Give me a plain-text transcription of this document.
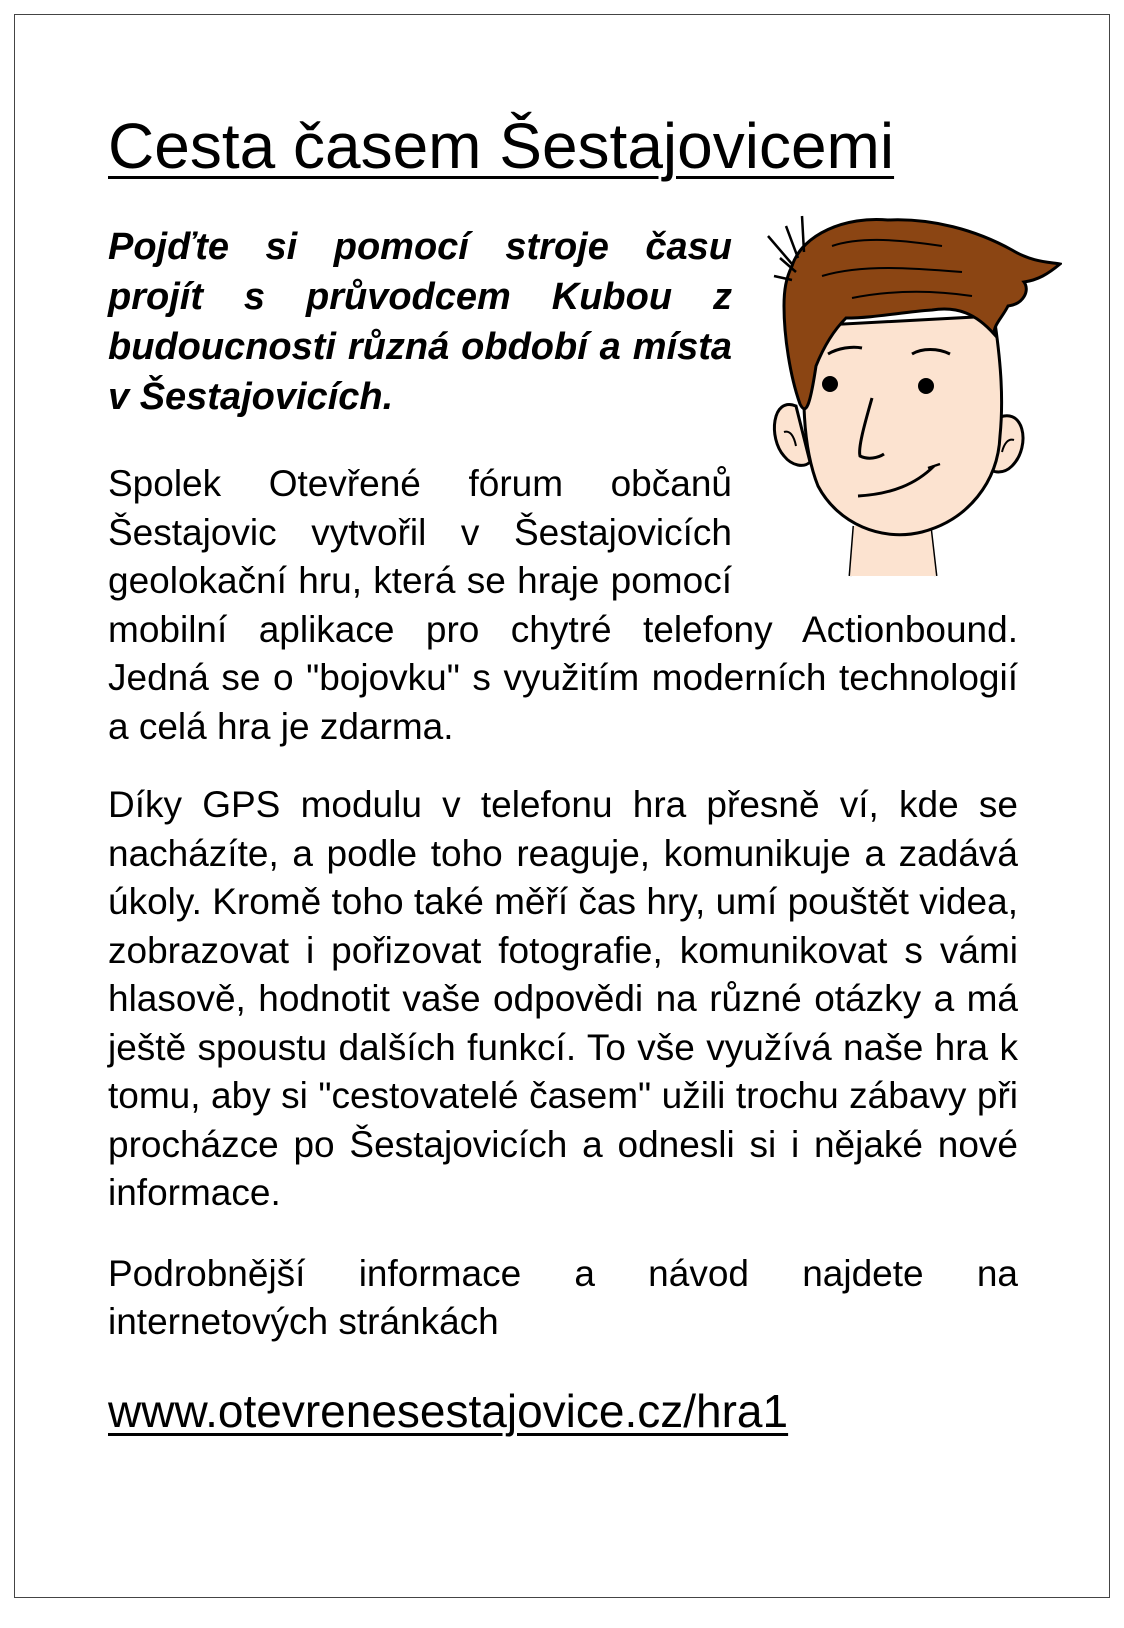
Cesta časem Šestajovicemi

Pojďte si pomocí stroje času projít s průvodcem Kubou z budoucnosti různá období a místa v Šestajovicích.

Spolek Otevřené fórum občanů Šestajovic vytvořil v Šestajovicích geolokační hru, která se hraje pomocí mobilní aplikace pro chytré telefony Actionbound. Jedná se o "bojovku" s využitím moderních technologií a celá hra je zdarma.

Díky GPS modulu v telefonu hra přesně ví, kde se nacházíte, a podle toho reaguje, komunikuje a zadává úkoly. Kromě toho také měří čas hry, umí pouštět videa, zobrazovat i pořizovat fotografie, komunikovat s vámi hlasově, hodnotit vaše odpovědi na různé otázky a má ještě spoustu dalších funkcí. To vše využívá naše hra k tomu, aby si "cestovatelé časem" užili trochu zábavy při procházce po Šestajovicích a odnesli si i nějaké nové informace.

Podrobnější informace a návod najdete na internetových stránkách

www.otevrenesestajovice.cz/hra1
